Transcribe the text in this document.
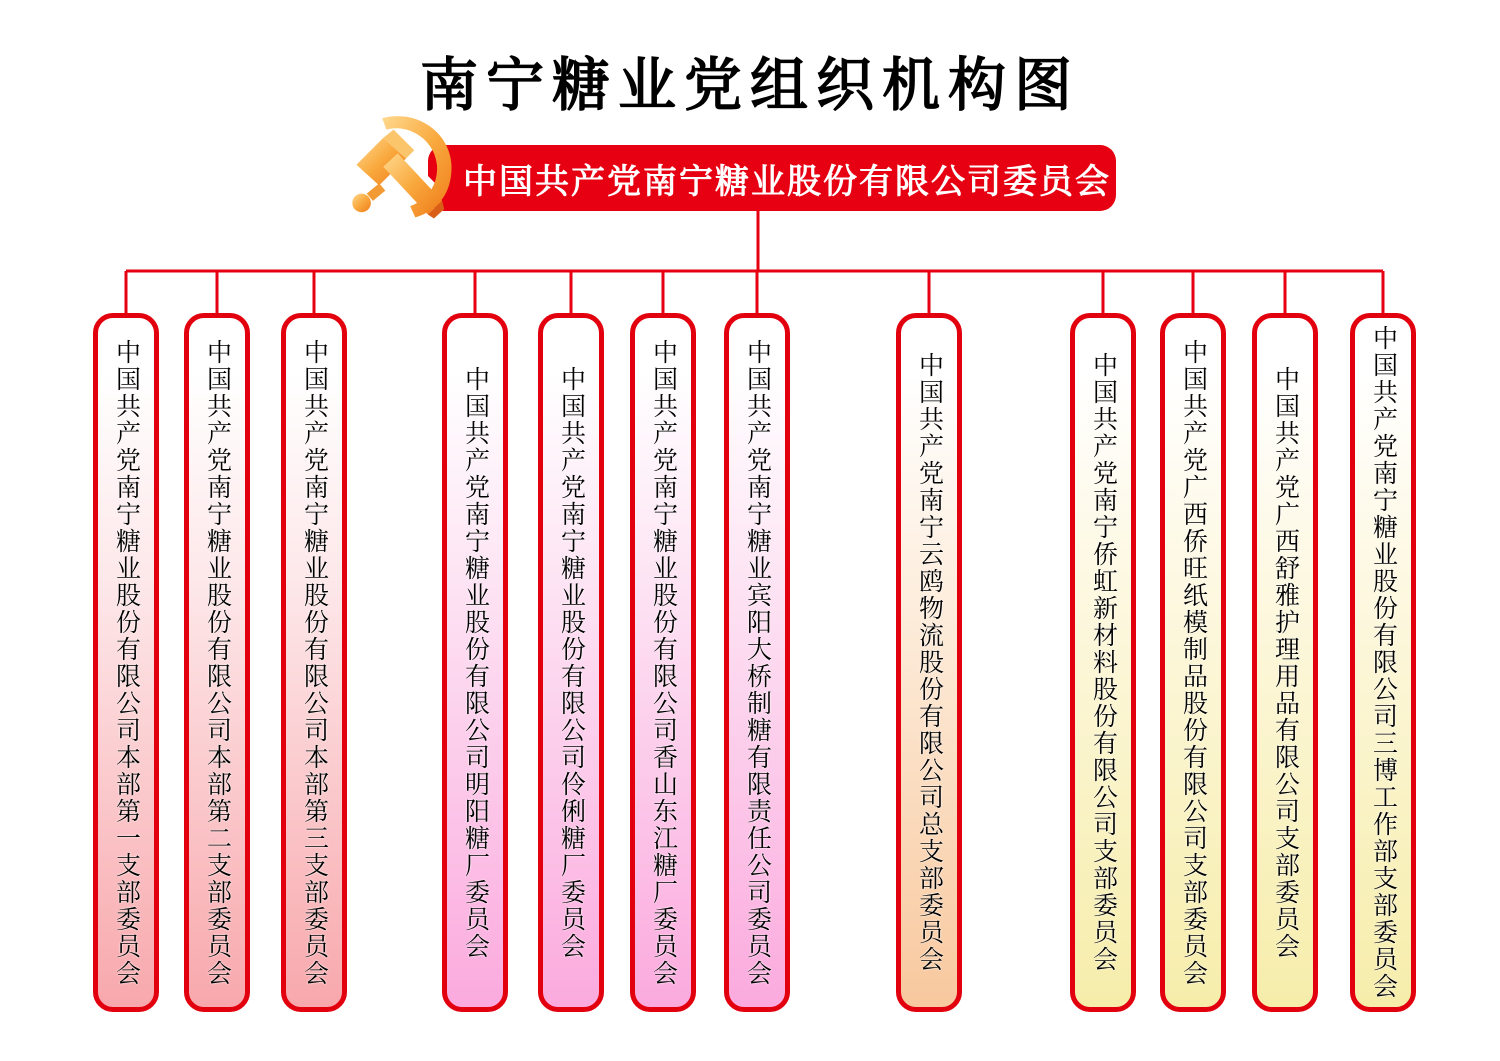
南宁糖业党组织机构图
中国共产党南宁糖业股份有限公司委员会
中国共产党南宁糖业股份有限公司本部第一支部委员会	中国共产党南宁糖业股份有限公司本部第二支部委员会	中国共产党南宁糖业股份有限公司本部第三支部委员会	中国共产党南宁糖业股份有限公司明阳糖厂委员会	中国共产党南宁糖业股份有限公司伶俐糖厂委员会	中国共产党南宁糖业股份有限公司香山东江糖厂委员会	中国共产党南宁糖业宾阳大桥制糖有限责任公司委员会	中国共产党南宁云鸥物流股份有限公司总支部委员会	中国共产党南宁侨虹新材料股份有限公司支部委员会 中国共产党广西侨旺纸模制品股份有限公司支部委员会	中国共产党广西舒雅护理用品有限公司支部委员会	中国共产党南宁糖业股份有限公司三博工作部支部委员会
